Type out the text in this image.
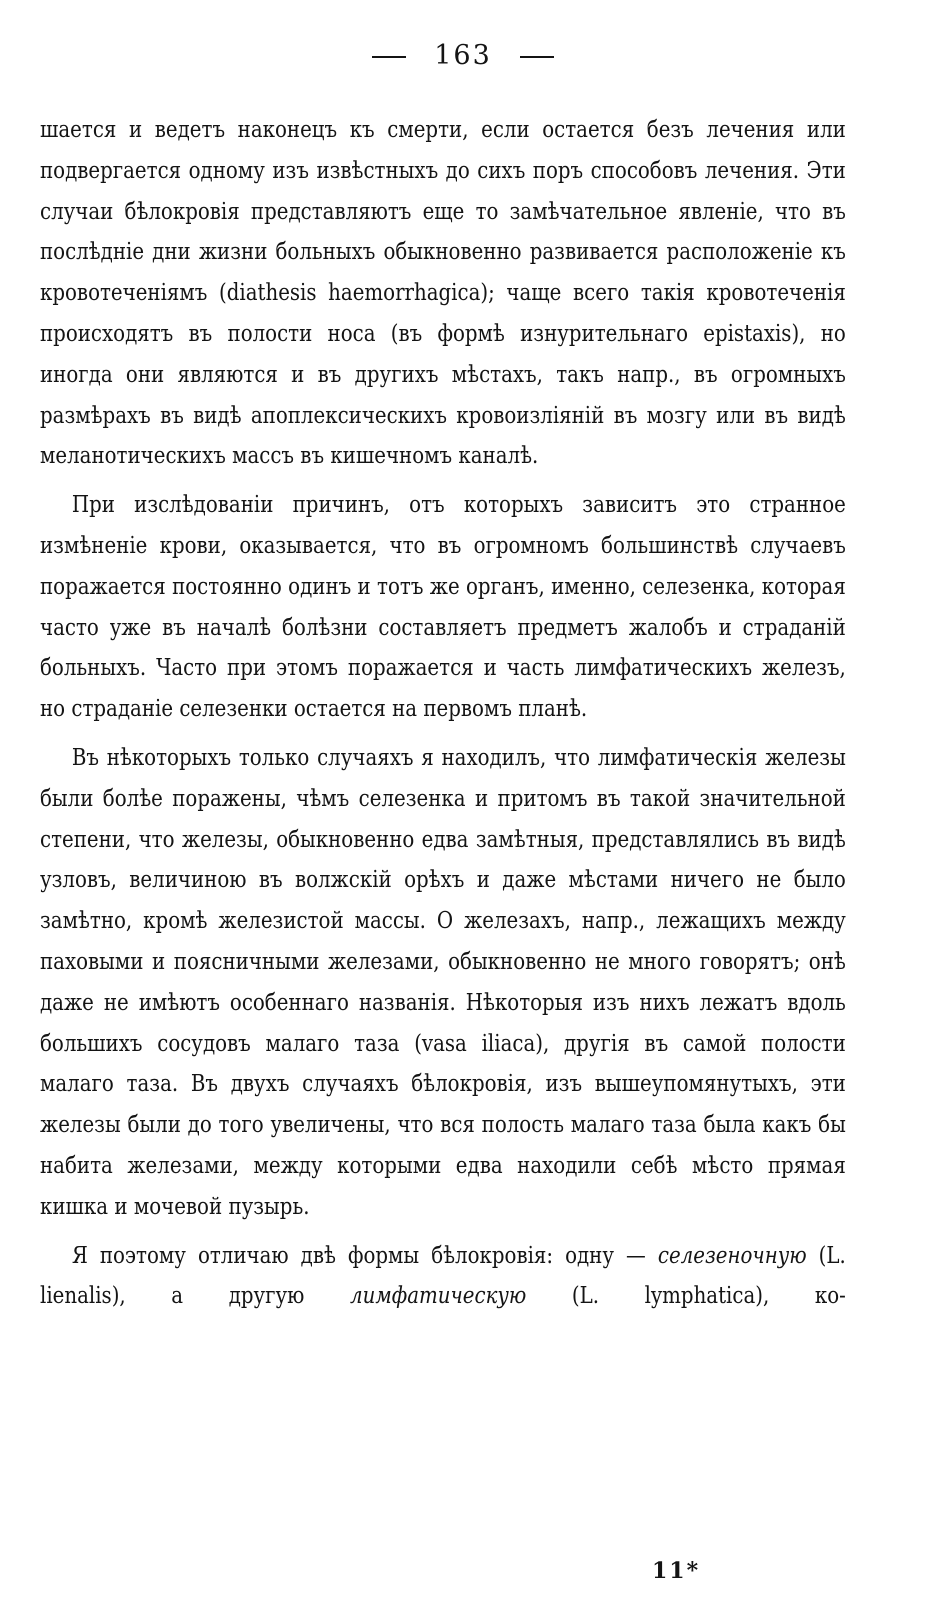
163

шается и ведетъ наконецъ къ смерти, если остается безъ лечения или подвергается одному изъ извѣстныхъ до сихъ поръ способовъ лечения. Эти случаи бѣлокровія представляютъ еще то замѣчательное явленіе, что въ послѣдніе дни жизни больныхъ обыкновенно развивается расположеніе къ кровотеченіямъ (diathesis haemorrhagica); чаще всего такія кровотеченія происходятъ въ полости носа (въ формѣ изнурительнаго epistaxis), но иногда они являются и въ другихъ мѣстахъ, такъ напр., въ огромныхъ размѣрахъ въ видѣ апоплексическихъ кровоизліяній въ мозгу или въ видѣ меланотическихъ массъ въ кишечномъ каналѣ.

При изслѣдованіи причинъ, отъ которыхъ зависитъ это странное измѣненіе крови, оказывается, что въ огромномъ большинствѣ случаевъ поражается постоянно одинъ и тотъ же органъ, именно, селезенка, которая часто уже въ началѣ болѣзни составляетъ предметъ жалобъ и страданій больныхъ. Часто при этомъ поражается и часть лимфатическихъ железъ, но страданіе селезенки остается на первомъ планѣ.

Въ нѣкоторыхъ только случаяхъ я находилъ, что лимфатическія железы были болѣе поражены, чѣмъ селезенка и притомъ въ такой значительной степени, что железы, обыкновенно едва замѣтныя, представлялись въ видѣ узловъ, величиною въ волжскій орѣхъ и даже мѣстами ничего не было замѣтно, кромѣ железистой массы. О железахъ, напр., лежащихъ между паховыми и поясничными железами, обыкновенно не много говорятъ; онѣ даже не имѣютъ особеннаго названія. Нѣкоторыя изъ нихъ лежатъ вдоль большихъ сосудовъ малаго таза (vasa iliaca), другія въ самой полости малаго таза. Въ двухъ случаяхъ бѣлокровія, изъ вышеупомянутыхъ, эти железы были до того увеличены, что вся полость малаго таза была какъ бы набита железами, между которыми едва находили себѣ мѣсто прямая кишка и мочевой пузырь.

Я поэтому отличаю двѣ формы бѣлокровія: одну — селезеночную (L. lienalis), а другую лимфатическую (L. lymphatica), ко-

11*
